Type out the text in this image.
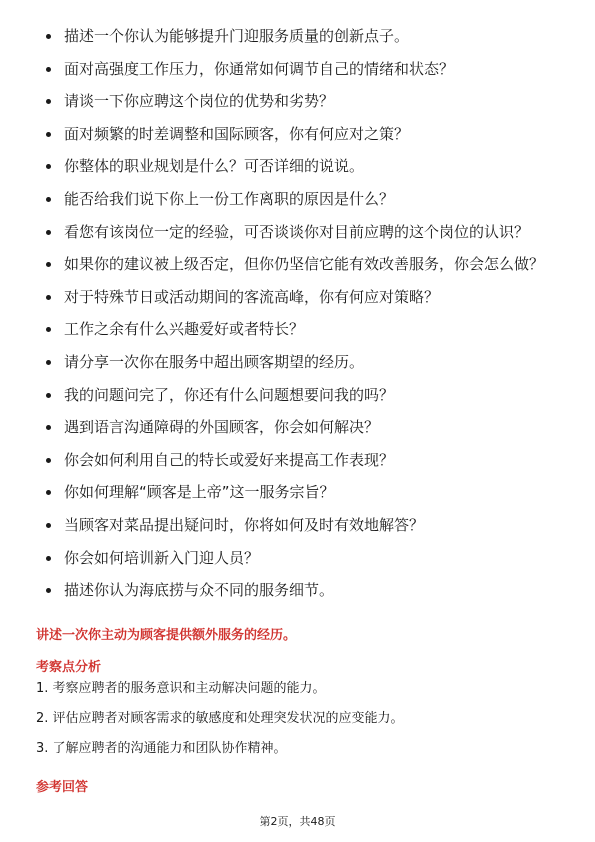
描述一个你认为能够提升门迎服务质量的创新点子。
面对高强度工作压力，你通常如何调节自己的情绪和状态？
请谈一下你应聘这个岗位的优势和劣势？
面对频繁的时差调整和国际顾客，你有何应对之策？
你整体的职业规划是什么？可否详细的说说。
能否给我们说下你上一份工作离职的原因是什么？
看您有该岗位一定的经验，可否谈谈你对目前应聘的这个岗位的认识？
如果你的建议被上级否定，但你仍坚信它能有效改善服务，你会怎么做？
对于特殊节日或活动期间的客流高峰，你有何应对策略？
工作之余有什么兴趣爱好或者特长？
请分享一次你在服务中超出顾客期望的经历。
我的问题问完了，你还有什么问题想要问我的吗？
遇到语言沟通障碍的外国顾客，你会如何解决？
你会如何利用自己的特长或爱好来提高工作表现？
你如何理解“顾客是上帝”这一服务宗旨？
当顾客对菜品提出疑问时，你将如何及时有效地解答？
你会如何培训新入门迎人员？
描述你认为海底捞与众不同的服务细节。
讲述一次你主动为顾客提供额外服务的经历。
考察点分析
1. 考察应聘者的服务意识和主动解决问题的能力。
2. 评估应聘者对顾客需求的敏感度和处理突发状况的应变能力。
3. 了解应聘者的沟通能力和团队协作精神。
参考回答
第2页，共48页
